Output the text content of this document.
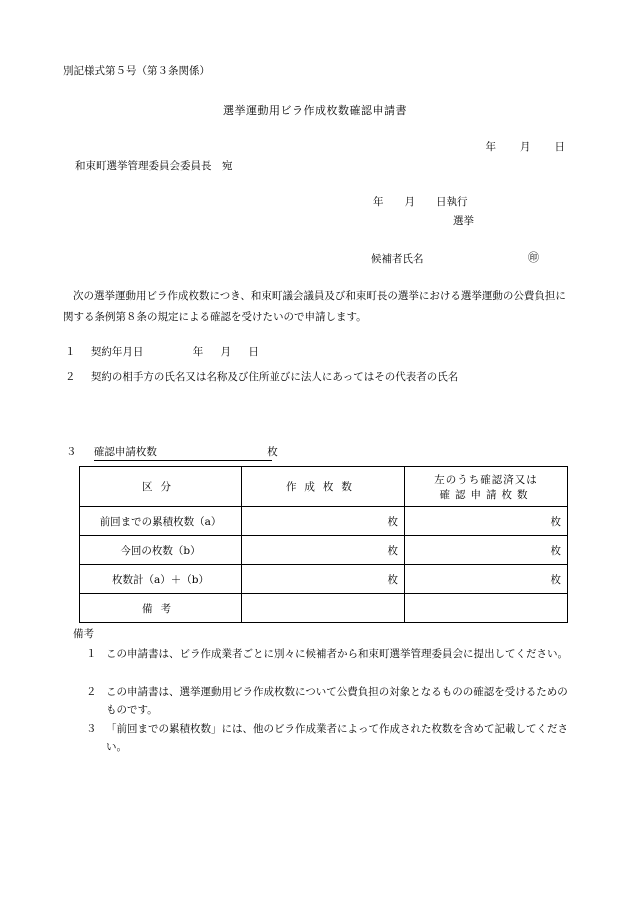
別記様式第５号（第３条関係）
選挙運動用ビラ作成枚数確認申請書
年　　月　　日
和束町選挙管理委員会委員長　宛
年　　月　　日執行
選挙
候補者氏名	㊞
次の選挙運動用ビラ作成枚数につき、和束町議会議員及び和束町長の選挙における選挙運動の公費負担に関する条例第８条の規定による確認を受けたいので申請します。
１ 契約年月日	年 月 日
２ 契約の相手方の氏名又は名称及び住所並びに法人にあってはその代表者の氏名
３ 確認申請枚数	枚
区分	作成枚数	左のうち確認済又は
確認申請枚数

前回までの累積枚数（a）	枚	枚
今回の枚数（b）	枚	枚
枚数計（a）＋（b）	枚	枚
備考		
備考
１ この申請書は、ビラ作成業者ごとに別々に候補者から和束町選挙管理委員会に提出してください。
２ この申請書は、選挙運動用ビラ作成枚数について公費負担の対象となるものの確認を受けるためのものです。
３ 「前回までの累積枚数」には、他のビラ作成業者によって作成された枚数を含めて記載してください。
